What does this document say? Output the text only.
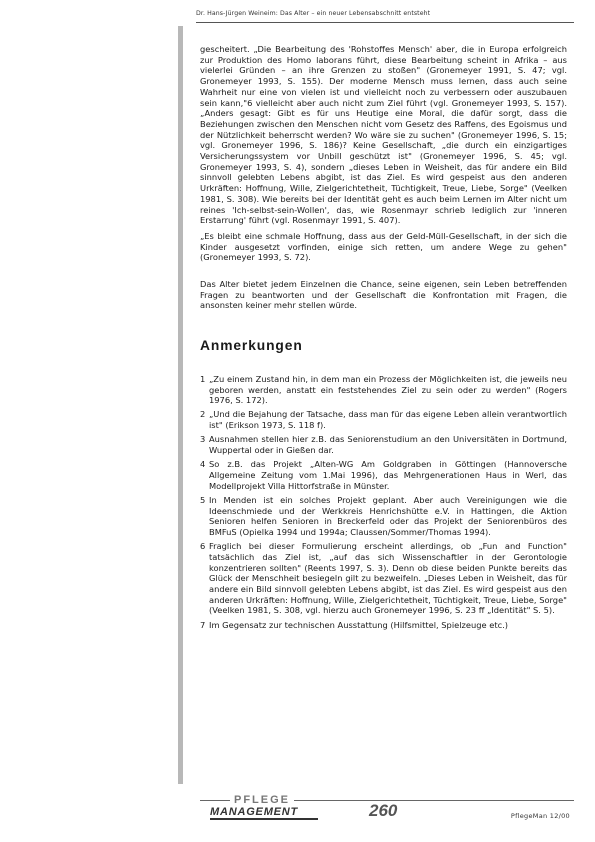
Dr. Hans-Jürgen Weineim: Das Alter – ein neuer Lebensabschnitt entsteht

gescheitert. „Die Bearbeitung des 'Rohstoffes Mensch' aber, die in Europa erfolgreich zur Produktion des Homo laborans führt, diese Bearbeitung scheint in Afrika – aus vielerlei Gründen – an ihre Grenzen zu stoßen" (Gronemeyer 1991, S. 47; vgl. Gronemeyer 1993, S. 155). Der moderne Mensch muss lernen, dass auch seine Wahrheit nur eine von vielen ist und vielleicht noch zu verbessern oder auszubauen sein kann,"6 vielleicht aber auch nicht zum Ziel führt (vgl. Gronemeyer 1993, S. 157). „Anders gesagt: Gibt es für uns Heutige eine Moral, die dafür sorgt, dass die Beziehungen zwischen den Menschen nicht vom Gesetz des Raffens, des Egoismus und der Nützlichkeit beherrscht werden? Wo wäre sie zu suchen" (Gronemeyer 1996, S. 15; vgl. Gronemeyer 1996, S. 186)? Keine Gesellschaft, „die durch ein einzigartiges Versicherungssystem vor Unbill geschützt ist" (Gronemeyer 1996, S. 45; vgl. Gronemeyer 1993, S. 4), sondern „dieses Leben in Weisheit, das für andere ein Bild sinnvoll gelebten Lebens abgibt, ist das Ziel. Es wird gespeist aus den anderen Urkräften: Hoffnung, Wille, Zielgerichtetheit, Tüchtigkeit, Treue, Liebe, Sorge" (Veelken 1981, S. 308). Wie bereits bei der Identität geht es auch beim Lernen im Alter nicht um reines 'Ich-selbst-sein-Wollen', das, wie Rosenmayr schrieb lediglich zur 'inneren Erstarrung' führt (vgl. Rosenmayr 1991, S. 407).

„Es bleibt eine schmale Hoffnung, dass aus der Geld-Müll-Gesellschaft, in der sich die Kinder ausgesetzt vorfinden, einige sich retten, um andere Wege zu gehen" (Gronemeyer 1993, S. 72).

Das Alter bietet jedem Einzelnen die Chance, seine eigenen, sein Leben betreffenden Fragen zu beantworten und der Gesellschaft die Konfrontation mit Fragen, die ansonsten keiner mehr stellen würde.

Anmerkungen
1 „Zu einem Zustand hin, in dem man ein Prozess der Möglichkeiten ist, die jeweils neu geboren werden, anstatt ein feststehendes Ziel zu sein oder zu werden" (Rogers 1976, S. 172).
2 „Und die Bejahung der Tatsache, dass man für das eigene Leben allein verantwortlich ist" (Erikson 1973, S. 118 f).
3 Ausnahmen stellen hier z.B. das Seniorenstudium an den Universitäten in Dortmund, Wuppertal oder in Gießen dar.
4 So z.B. das Projekt „Alten-WG Am Goldgraben in Göttingen (Hannoversche Allgemeine Zeitung vom 1.Mai 1996), das Mehrgenerationen Haus in Werl, das Modellprojekt Villa Hittorfstraße in Münster.
5 In Menden ist ein solches Projekt geplant. Aber auch Vereinigungen wie die Ideenschmiede und der Werkkreis Henrichshütte e.V. in Hattingen, die Aktion Senioren helfen Senioren in Breckerfeld oder das Projekt der Seniorenbüros des BMFuS (Opielka 1994 und 1994a; Claussen/Sommer/Thomas 1994).
6 Fraglich bei dieser Formulierung erscheint allerdings, ob „Fun and Function" tatsächlich das Ziel ist, „auf das sich Wissenschaftler in der Gerontologie konzentrieren sollten" (Reents 1997, S. 3). Denn ob diese beiden Punkte bereits das Glück der Menschheit besiegeln gilt zu bezweifeln. „Dieses Leben in Weisheit, das für andere ein Bild sinnvoll gelebten Lebens abgibt, ist das Ziel. Es wird gespeist aus den anderen Urkräften: Hoffnung, Wille, Zielgerichtetheit, Tüchtigkeit, Treue, Liebe, Sorge" (Veelken 1981, S. 308, vgl. hierzu auch Gronemeyer 1996, S. 23 ff „Identität" S. 5).
7 Im Gegensatz zur technischen Ausstattung (Hilfsmittel, Spielzeuge etc.)
PFLEGE
MANAGEMENT	260	PflegeMan 12/00
